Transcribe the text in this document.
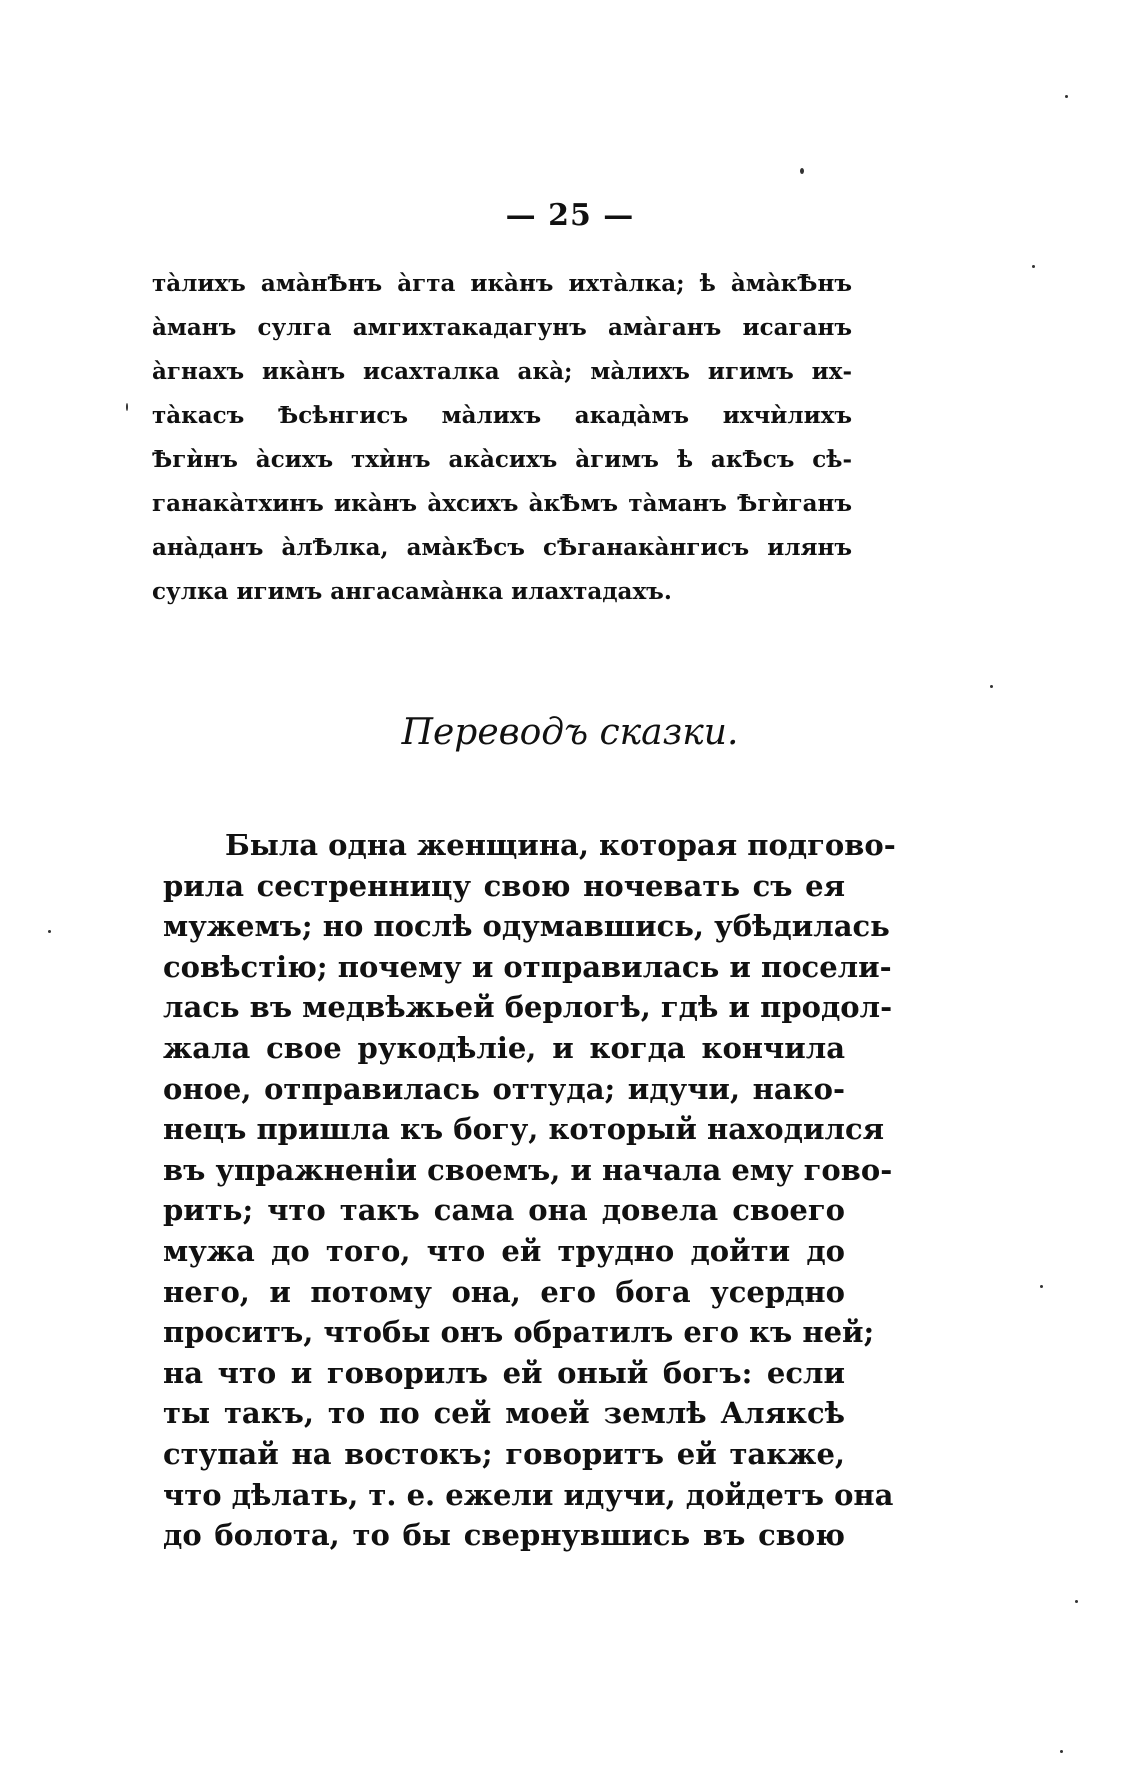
— 25 —
та̀лихъ ама̀нѢнъ а̀гта ика̀нъ ихта̀лка; ѣ а̀ма̀кѢнъ
а̀манъ сулга амгихтакадагунъ ама̀ганъ исаганъ
а̀гнахъ ика̀нъ исахталка ака̀; ма̀лихъ игимъ их-
та̀касъ Ѣсѣнгисъ ма̀лихъ акада̀мъ ихчѝлихъ
Ѣгѝнъ а̀сихъ тхѝнъ ака̀сихъ а̀гимъ ѣ акѢсъ сѣ-
ганака̀тхинъ ика̀нъ а̀хсихъ а̀кѢмъ та̀манъ Ѣгѝганъ
ана̀данъ а̀лѢлка, ама̀кѢсъ сѢганака̀нгисъ илянъ
сулка игимъ ангасама̀нка илахтадахъ.
Переводъ сказки.
Была одна женщина, которая подгово-
рила сестренницу свою ночевать съ ея
мужемъ; но послѣ одумавшись, убѣдилась
совѣстію; почему и отправилась и посели-
лась въ медвѣжьей берлогѣ, гдѣ и продол-
жала свое рукодѣліе, и когда кончила
оное, отправилась оттуда; идучи, нако-
нецъ пришла къ богу, который находился
въ упражненіи своемъ, и начала ему гово-
рить; что такъ сама она довела своего
мужа до того, что ей трудно дойти до
него, и потому она, его бога усердно
проситъ, чтобы онъ обратилъ его къ ней;
на что и говорилъ ей оный богъ: если
ты такъ, то по сей моей землѣ Аляксѣ
ступай на востокъ; говоритъ ей также,
что дѣлать, т. е. ежели идучи, дойдетъ она
до болота, то бы свернувшись въ свою
